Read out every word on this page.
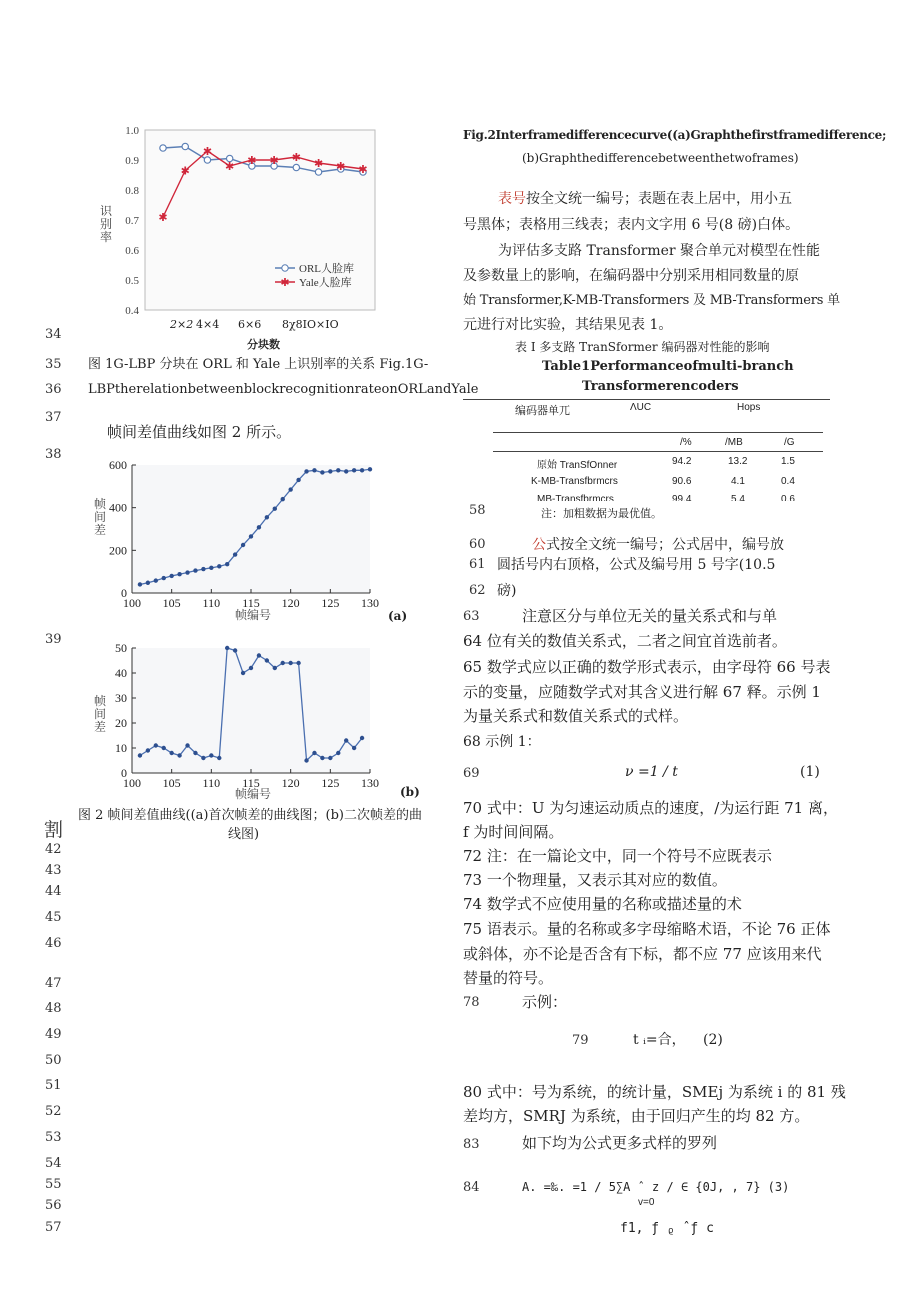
1.0
0.9
0.8
0.7
0.6
0.5
0.4
✱
✱
✱
✱ ✱ ✱ ✱ ✱ ✱ ✱
ORL人脸库
✱ Yale人脸库
识别率
2×2 4×4 6×6 8χ8IO×IO
分块数
34
35
36
37
38
39
图 1G-LBP 分块在 ORL 和 Yale 上识别率的关系 Fig.1G-
LBPtherelationbetweenblockrecognitionrateonORLandYale
帧间差值曲线如图 2 所示。
600
400
200
0
100 105 110 115 120 125 130
帧间差
帧编号	(a)
50
40
30
20
10
0
100 105 110 115 120 125 130
帧间差
帧编号	(b)
图 2 帧间差值曲线((a)首次帧差的曲线图；(b)二次帧差的曲
线图)
割
42
43
44
45
46
47
48
49
50
51
52
53
54
55
56
57
Fig.2Interframedifferencecurve((a)Graphthefirstframedifference;
(b)Graphthedifferencebetweenthetwoframes)
表号按全文统一编号；表题在表上居中，用小五
号黑体；表格用三线表；表内文字用 6 号(8 磅)白体。
为评估多支路 Transformer 聚合单元对模型在性能
及参数量上的影响，在编码器中分别采用相同数量的原
始 Transformer,K-MB-Transformers 及 MB-Transformers 单
元进行对比实验，其结果见表 1。
表 I 多支路 TranSformer 编码器对性能的影响
Table1Performanceofmulti-branch
Transformerencoders
编码器单兀	ΛUC	Hops
/%	/MB	/G
原始 TranSfOnner	94.2	13.2	1.5
K-MB-Transfbrmcrs	90.6	4.1	0.4
MB-Transfbrmcrs	99.4	5.4	0.6
58	注：加粗数据为最优值。
60	公式按全文统一编号；公式居中，编号放
61 圆括号内右顶格，公式及编号用 5 号字(10.5
62 磅)
63	注意区分与单位无关的量关系式和与单
64 位有关的数值关系式，二者之间宜首选前者。
65 数学式应以正确的数学形式表示，由字母符 66 号表
示的变量，应随数学式对其含义进行解 67 释。示例 1
为量关系式和数值关系式的式样。
68 示例 1：
69	ν =1 / t	(1)
70 式中：U 为匀速运动质点的速度，/为运行距 71 离，
f 为时间间隔。
72 注：在一篇论文中，同一个符号不应既表示
73 一个物理量，又表示其对应的数值。
74 数学式不应使用量的名称或描述量的术
75 语表示。量的名称或多字母缩略术语，不论 76 正体
或斜体，亦不论是否含有下标，都不应 77 应该用来代
替量的符号。
78	示例：
79	t ᵢ=合， (2)
80 式中：号为系统，的统计量，SMEj 为系统 i 的 81 残
差均方，SMRJ 为系统，由于回归产生的均 82 方。
83	如下均为公式更多式样的罗列
84	A. =‰. =1 / 5∑A ˆ z / ∈ {0J, , 7} (3)
v=0
f1, ƒ ᵨ ˆƒ c
